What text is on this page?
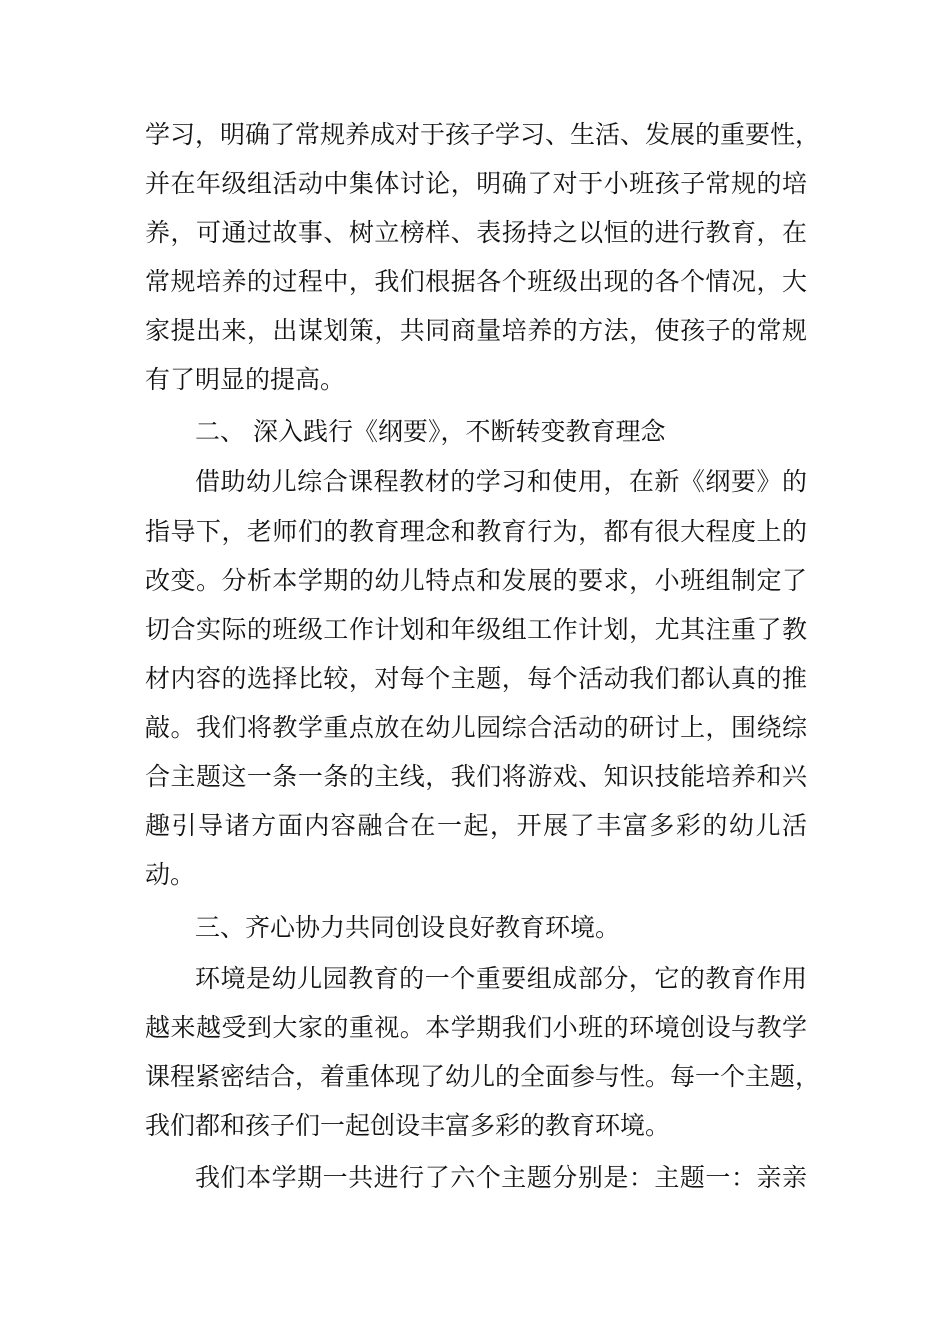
学习，明确了常规养成对于孩子学习、生活、发展的重要性，
并在年级组活动中集体讨论，明确了对于小班孩子常规的培
养，可通过故事、树立榜样、表扬持之以恒的进行教育，在
常规培养的过程中，我们根据各个班级出现的各个情况，大
家提出来，出谋划策，共同商量培养的方法，使孩子的常规
有了明显的提高。
二、 深入践行《纲要》，不断转变教育理念
借助幼儿综合课程教材的学习和使用，在新《纲要》的
指导下，老师们的教育理念和教育行为，都有很大程度上的
改变。分析本学期的幼儿特点和发展的要求，小班组制定了
切合实际的班级工作计划和年级组工作计划，尤其注重了教
材内容的选择比较，对每个主题，每个活动我们都认真的推
敲。我们将教学重点放在幼儿园综合活动的研讨上，围绕综
合主题这一条一条的主线，我们将游戏、知识技能培养和兴
趣引导诸方面内容融合在一起，开展了丰富多彩的幼儿活
动。
三、齐心协力共同创设良好教育环境。
环境是幼儿园教育的一个重要组成部分，它的教育作用
越来越受到大家的重视。本学期我们小班的环境创设与教学
课程紧密结合，着重体现了幼儿的全面参与性。每一个主题，
我们都和孩子们一起创设丰富多彩的教育环境。
我们本学期一共进行了六个主题分别是：主题一：亲亲
